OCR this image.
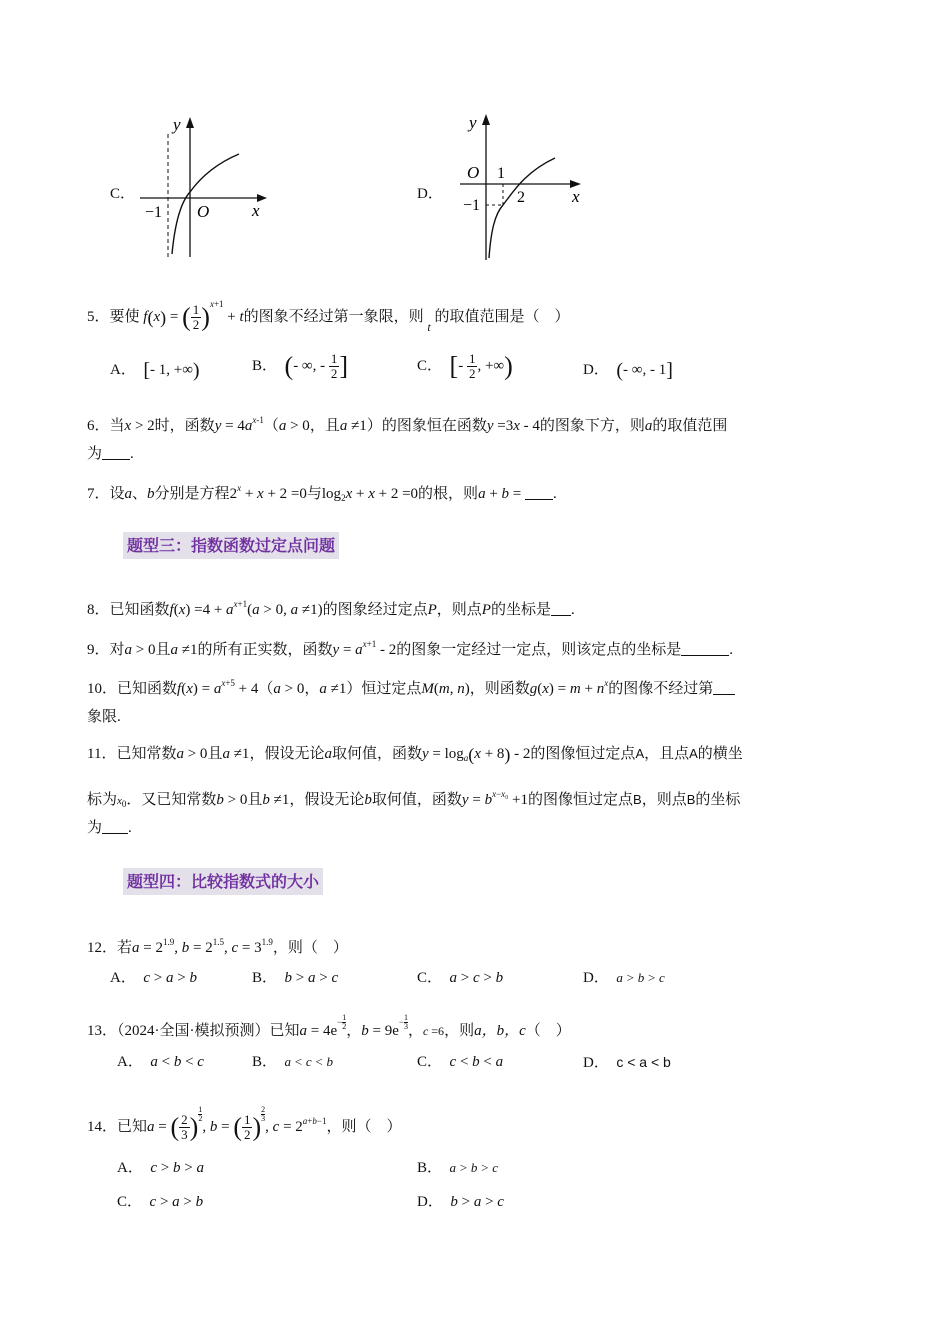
C．
y
x
O
−1
D．
y
x
O 1
2
−1
5．要使 f(x) = ( $\frac{1}{2} )^{x+1} + t$的图象不经过第一象限，则 $_t$ 的取值范围是（　）
A． [- 1, +∞)	B． (- ∞, - $\frac{1}{2}$ ]	C． [- $\frac{1}{2}$ , +∞)	D． (- ∞, - 1]
6．当x > 2时，函数$y = 4a^{x-1}(a > 0$，且a ≠1）的图象恒在函数y =3x - 4的图象下方，则a的取值范围
为 .
7．设a、b分别是方程$2^x + x + 2 =0$与$\log_2x + x + 2 =0$的根，则a + b = .
题型三：指数函数过定点问题
8．已知函数$f(x) =4 + a^{x+1}(a > 0$, a ≠1)的图象经过定点P，则点P的坐标是 .
9．对a > 0且a ≠1的所有正实数，函数$y = a^{x+1} - 2$的图象一定经过一定点，则该定点的坐标是	.
10．已知函数$f(x) = a^{x+5} + 4(a > 0$，a ≠1）恒过定点M(m, n)，则函数$g(x) = m + n^x$的图像不经过第
象限.
11．已知常数a > 0且a ≠1，假设无论a取何值，函数$y = \log_a(x + 8) - 2$的图像恒过定点A，且点A的横坐
标为$x_0$．又已知常数b > 0且b ≠1，假设无论b取何值，函数$y = b^{x-x_0} +1$的图像恒过定点B，则点B的坐标
为 .
题型四：比较指数式的大小
12．若$a = 2^{1.9}$, $b = 2^{1.5}$, $c = 3^{1.9}$，则（　）
A． c > a > b	B． b > a > c	C． a > c > b	D． a > b > c
13．（2024·全国·模拟预测）已知$a = 4e^{- \frac{1}{2}}$ ，$b = 9e^{- \frac{1}{3}}$ ，c =6，则a，b，c（　）
A． a < b < c	B． a < c < b	C． c < b < a	D． c < a < b
14．已知a = ( $\frac{2}{3}$ ) $^{\frac{1}{2}}$
, b = ( $\frac{1}{2}$ ) $^{\frac{2}{3}}$
, $c = 2^{a+b-1}$，则（　）
A． c > b > a	B． a > b > c
C． c > a > b	D． b > a > c
